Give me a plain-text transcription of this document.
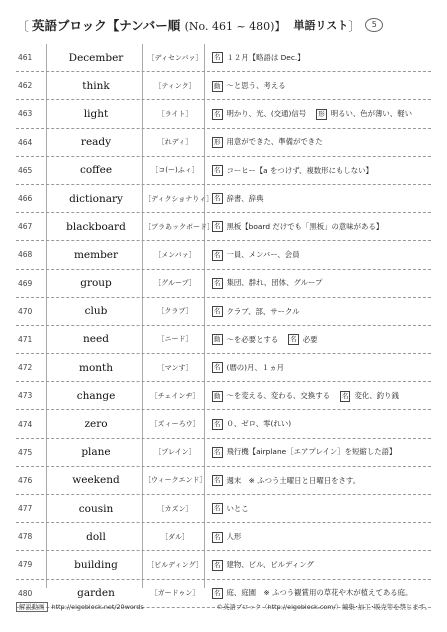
〔 英語ブロック【ナンバー順 (No. 461 ~ 480)】 単語リスト 〕	5
461	December	［ディセンバァ］	名 １２月【略語は Dec.】
462	think	［ティンク］	動 ～と思う、考える
463	light	［ライト］	名 明かり、光、(交通)信号 形 明るい、色が薄い、軽い
464	ready	［れディ］	形 用意ができた、準備ができた
465	coffee	［コ(ー)ふィ］	名 コーヒー【a をつけず、複数形にもしない】
466	dictionary	［ディクショナりィ］ 名 辞書、辞典
467	blackboard	［ブラあックボード］ 名 黒板【board だけでも「黒板」の意味がある】
468	member	［メンバァ］	名 一員、メンバー、会員
469	group	［グループ］	名 集団、群れ、団体、グループ
470	club	［クラブ］	名 クラブ、部、サークル
471	need	［ニード］	動 ～を必要とする 名 必要
472	month	［マンす］	名 (暦の)月、１ヵ月
473	change	［チェインヂ］	動 ～を変える、変わる、交換する 名 変化、釣り銭
474	zero	［ズィーろウ］	名 ０、ゼロ、零(れい)
475	plane	［プレイン］	名 飛行機【airplane［エアプレイン］を短縮した語】
476	weekend	［ウィークエンド］	名 週末　※ ふつう土曜日と日曜日をさす。
477	cousin	［カズン］	名 いとこ
478	doll	［ダル］	名 人形
479	building	［ビルディング］	名 建物、ビル、ビルディング
480	garden	［ガードゥン］	名 庭、庭園　※ ふつう観賞用の草花や木が植えてある庭。
解説動画 http://eigoblock.net/20words	©英語ブロック（http://eigoblock.com/）編集･加工･販売等を禁じます。
